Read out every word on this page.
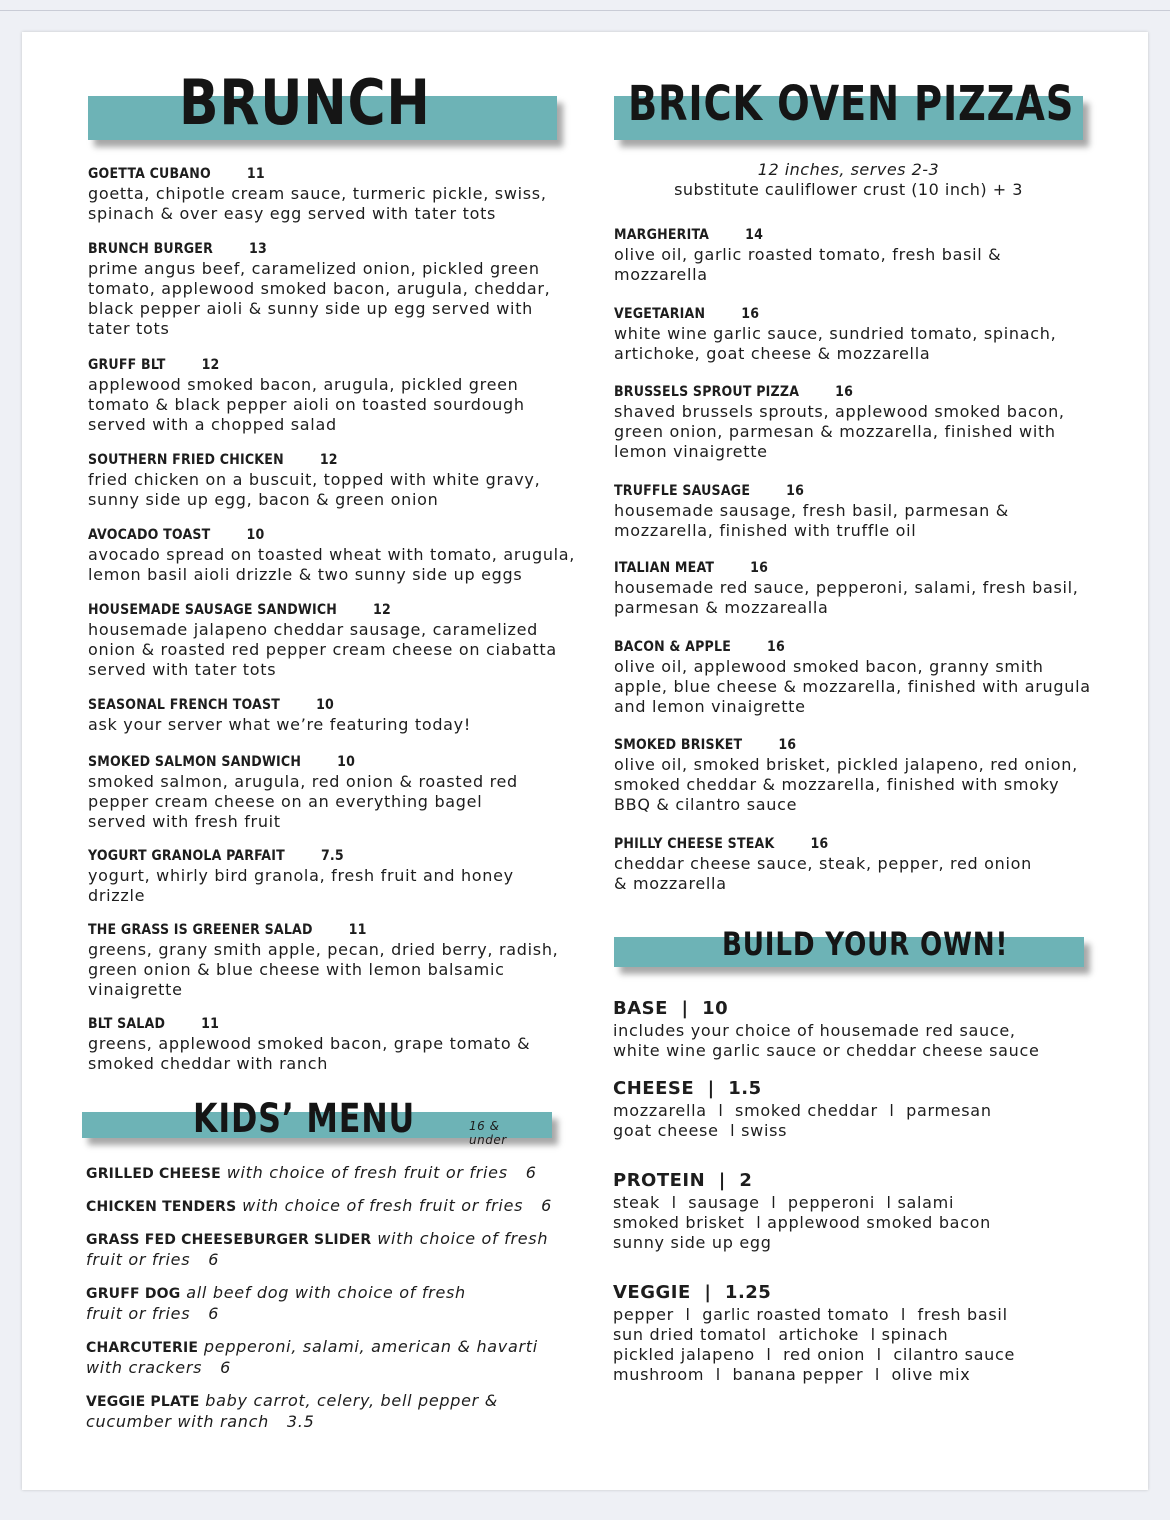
BRUNCH	BRICK OVEN PIZZAS
12 inches, serves 2-3
substitute cauliflower crust (10 inch) + 3
KIDS’ MENU	16 & under
BUILD YOUR OWN!
GOETTA CUBANO	11

goetta, chipotle cream sauce, turmeric pickle, swiss,

spinach & over easy egg served with tater tots

BRUNCH BURGER	13

prime angus beef, caramelized onion, pickled green

tomato, applewood smoked bacon, arugula, cheddar,

black pepper aioli & sunny side up egg served with

tater tots

GRUFF BLT	12

applewood smoked bacon, arugula, pickled green

tomato & black pepper aioli on toasted sourdough

served with a chopped salad

SOUTHERN FRIED CHICKEN	12

fried chicken on a buscuit, topped with white gravy,

sunny side up egg, bacon & green onion

AVOCADO TOAST	10

avocado spread on toasted wheat with tomato, arugula,

lemon basil aioli drizzle & two sunny side up eggs

HOUSEMADE SAUSAGE SANDWICH	12

housemade jalapeno cheddar sausage, caramelized

onion & roasted red pepper cream cheese on ciabatta

served with tater tots

SEASONAL FRENCH TOAST	10

ask your server what we’re featuring today!

SMOKED SALMON SANDWICH	10

smoked salmon, arugula, red onion & roasted red

pepper cream cheese on an everything bagel

served with fresh fruit

YOGURT GRANOLA PARFAIT	7.5

yogurt, whirly bird granola, fresh fruit and honey

drizzle

THE GRASS IS GREENER SALAD	11

greens, grany smith apple, pecan, dried berry, radish,

green onion & blue cheese with lemon balsamic

vinaigrette

BLT SALAD	11

greens, applewood smoked bacon, grape tomato &

smoked cheddar with ranch

MARGHERITA	14

olive oil, garlic roasted tomato, fresh basil &

mozzarella

VEGETARIAN	16

white wine garlic sauce, sundried tomato, spinach,

artichoke, goat cheese & mozzarella

BRUSSELS SPROUT PIZZA	16

shaved brussels sprouts, applewood smoked bacon,

green onion, parmesan & mozzarella, finished with

lemon vinaigrette

TRUFFLE SAUSAGE	16

housemade sausage, fresh basil, parmesan &

mozzarella, finished with truffle oil

ITALIAN MEAT	16

housemade red sauce, pepperoni, salami, fresh basil,

parmesan & mozzarealla

BACON & APPLE	16

olive oil, applewood smoked bacon, granny smith

apple, blue cheese & mozzarella, finished with arugula

and lemon vinaigrette

SMOKED BRISKET	16

olive oil, smoked brisket, pickled jalapeno, red onion,

smoked cheddar & mozzarella, finished with smoky

BBQ & cilantro sauce

PHILLY CHEESE STEAK	16

cheddar cheese sauce, steak, pepper, red onion

& mozzarella

GRILLED CHEESE with choice of fresh fruit or fries 6
CHICKEN TENDERS with choice of fresh fruit or fries 6
GRASS FED CHEESEBURGER SLIDER with choice of fresh
fruit or fries 6
GRUFF DOG all beef dog with choice of fresh
fruit or fries 6
CHARCUTERIE pepperoni, salami, american & havarti
with crackers 6
VEGGIE PLATE baby carrot, celery, bell pepper &
cucumber with ranch 3.5
BASE  |  10

includes your choice of housemade red sauce,

white wine garlic sauce or cheddar cheese sauce

CHEESE  |  1.5

mozzarella  l  smoked cheddar  l  parmesan

goat cheese  l swiss

PROTEIN  |  2

steak  l  sausage  l  pepperoni  l salami

smoked brisket  l applewood smoked bacon

sunny side up egg

VEGGIE  |  1.25

pepper  l  garlic roasted tomato  l  fresh basil

sun dried tomatol  artichoke  l spinach

pickled jalapeno  l  red onion  l  cilantro sauce

mushroom  l  banana pepper  l  olive mix
